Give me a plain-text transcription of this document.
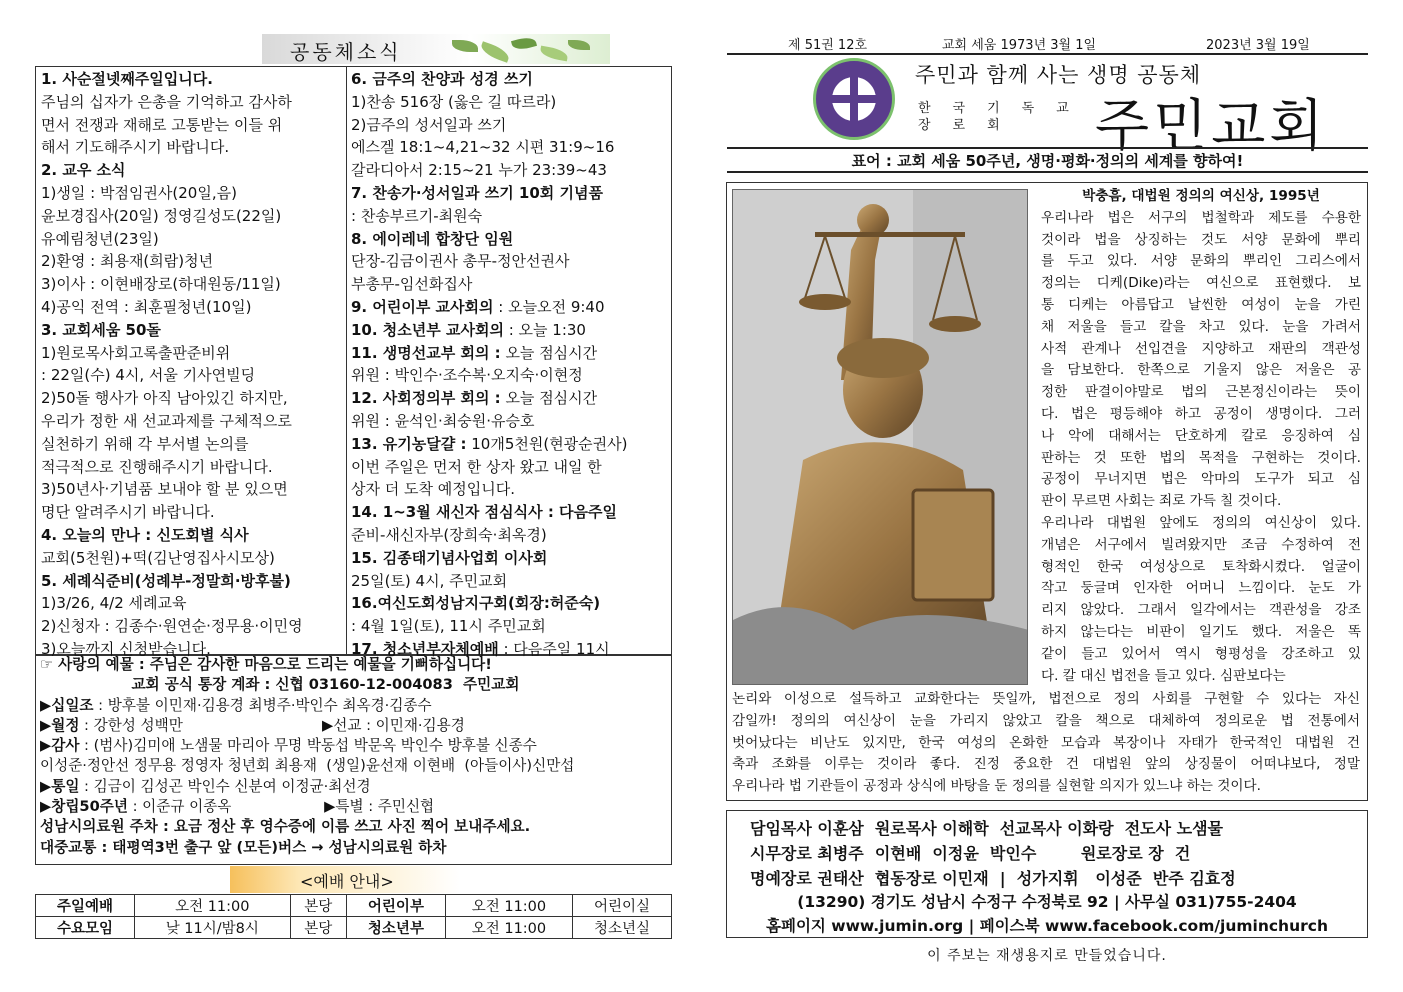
공동체소식
1. 사순절넷째주일입니다.
주님의 십자가 은총을 기억하고 감사하
면서 전쟁과 재해로 고통받는 이들 위
해서 기도해주시기 바랍니다.
2. 교우 소식
1)생일 : 박점임권사(20일,음)
윤보경집사(20일) 정영길성도(22일)
유예림청년(23일)
2)환영 : 최용재(희람)청년
3)이사 : 이현배장로(하대원동/11일)
4)공익 전역 : 최훈필청년(10일)
3. 교회세움 50돌
1)원로목사회고록출판준비위
: 22일(수) 4시, 서울 기사연빌딩
2)50돌 행사가 아직 남아있긴 하지만,
우리가 정한 새 선교과제를 구체적으로
실천하기 위해 각 부서별 논의를
적극적으로 진행해주시기 바랍니다.
3)50년사·기념품 보내야 할 분 있으면
명단 알려주시기 바랍니다.
4. 오늘의 만나 : 신도회별 식사
교회(5천원)+떡(김난영집사시모상)
5. 세례식준비(성례부-정말희·방후불)
1)3/26, 4/2 세례교육
2)신청자 : 김종수·원연순·정무용·이민영
3)오늘까지 신청받습니다.
6. 금주의 찬양과 성경 쓰기
1)찬송 516장 (옳은 길 따르라)
2)금주의 성서일과 쓰기
에스겔 18:1~4,21~32 시편 31:9~16
갈라디아서 2:15~21 누가 23:39~43
7. 찬송가·성서일과 쓰기 10회 기념품
: 찬송부르기-최원숙
8. 에이레네 합창단 임원
단장-김금이권사 총무-정안선권사
부총무-임선화집사
9. 어린이부 교사회의 : 오늘오전 9:40
10. 청소년부 교사회의 : 오늘 1:30
11. 생명선교부 회의 : 오늘 점심시간
위원 : 박인수·조수복·오지숙·이현정
12. 사회정의부 회의 : 오늘 점심시간
위원 : 윤석인·최숭원·유승호
13. 유기농달걀 : 10개5천원(현광순권사)
이번 주일은 먼저 한 상자 왔고 내일 한
상자 더 도착 예정입니다.
14. 1~3월 새신자 점심식사 : 다음주일
준비-새신자부(장희숙·최옥경)
15. 김종태기념사업회 이사회
25일(토) 4시, 주민교회
16.여신도회성남지구회(회장:허준숙)
: 4월 1일(토), 11시 주민교회
17. 청소년부자체예배 : 다음주일 11시
☞ 사랑의 예물 : 주님은 감사한 마음으로 드리는 예물을 기뻐하십니다!
교회 공식 통장 계좌 : 신협 03160-12-004083  주민교회
▶십일조 : 방후불 이민재·김용경 최병주·박인수 최옥경·김종수
▶월정 : 강한성 성백만                              ▶선교 : 이민재·김용경
▶감사 : (범사)김미애 노샘물 마리아 무명 박동섭 박문옥 박인수 방후불 신종수
이성준·정안선 정무용 정영자 청년회 최용재  (생일)윤선재 이현배  (아들이사)신만섭
▶통일 : 김금이 김성곤 박인수 신분여 이정균·최선경
▶창립50주년 : 이준규 이종옥                    ▶특별 : 주민신협
성남시의료원 주차 : 요금 정산 후 영수증에 이름 쓰고 사진 찍어 보내주세요.
대중교통 : 태평역3번 출구 앞 (모든)버스 → 성남시의료원 하차
<예배 안내>
주일예배	오전 11:00	본당	어린이부	오전 11:00	어린이실
수요모임	낮 11시/밤8시	본당	청소년부	오전 11:00	청소년실
제 51권 12호	교회 세움 1973년 3월 1일	2023년 3월 19일
주민과 함께 사는 생명 공동체
한국기독교
장로회 주민교회
표어 : 교회 세움 50주년, 생명·평화·정의의 세계를 향하여!
박충흠, 대법원 정의의 여신상, 1995년
우리나라 법은 서구의 법철학과 제도를 수용한
것이라 법을 상징하는 것도 서양 문화에 뿌리
를 두고 있다. 서양 문화의 뿌리인 그리스에서
정의는 디케(Dike)라는 여신으로 표현했다. 보
통 디케는 아름답고 날씬한 여성이 눈을 가린
채 저울을 들고 칼을 차고 있다. 눈을 가려서
사적 관계나 선입견을 지양하고 재판의 객관성
을 담보한다. 한쪽으로 기울지 않은 저울은 공
정한 판결이야말로 법의 근본정신이라는 뜻이
다. 법은 평등해야 하고 공정이 생명이다. 그러
나 악에 대해서는 단호하게 칼로 응징하여 심
판하는 것 또한 법의 목적을 구현하는 것이다.
공정이 무너지면 법은 악마의 도구가 되고 심
판이 무르면 사회는 죄로 가득 칠 것이다.
우리나라 대법원 앞에도 정의의 여신상이 있다.
개념은 서구에서 빌려왔지만 조금 수정하여 전
형적인 한국 여성상으로 토착화시켰다. 얼굴이
작고 둥글며 인자한 어머니 느낌이다. 눈도 가
리지 않았다. 그래서 일각에서는 객관성을 강조
하지 않는다는 비판이 일기도 했다. 저울은 똑
같이 들고 있어서 역시 형평성을 강조하고 있
다. 칼 대신 법전을 들고 있다. 심판보다는
논리와 이성으로 설득하고 교화한다는 뜻일까, 법전으로 정의 사회를 구현할 수 있다는 자신
감일까! 정의의 여신상이 눈을 가리지 않았고 칼을 책으로 대체하여 정의로운 법 전통에서
벗어났다는 비난도 있지만, 한국 여성의 온화한 모습과 복장이나 자태가 한국적인 대법원 건
축과 조화를 이루는 것이라 좋다. 진정 중요한 건 대법원 앞의 상징물이 어떠냐보다, 정말
우리나라 법 기관들이 공정과 상식에 바탕을 둔 정의를 실현할 의지가 있느냐 하는 것이다.
담임목사 이훈삼  원로목사 이해학  선교목사 이화랑  전도사 노샘물
시무장로 최병주  이현배  이정윤  박인수        원로장로 장  건
명예장로 권태산  협동장로 이민재  |  성가지휘   이성준  반주 김효정
(13290) 경기도 성남시 수정구 수정북로 92 | 사무실 031)755-2404
홈페이지 www.jumin.org | 페이스북 www.facebook.com/juminchurch
이 주보는 재생용지로 만들었습니다.
